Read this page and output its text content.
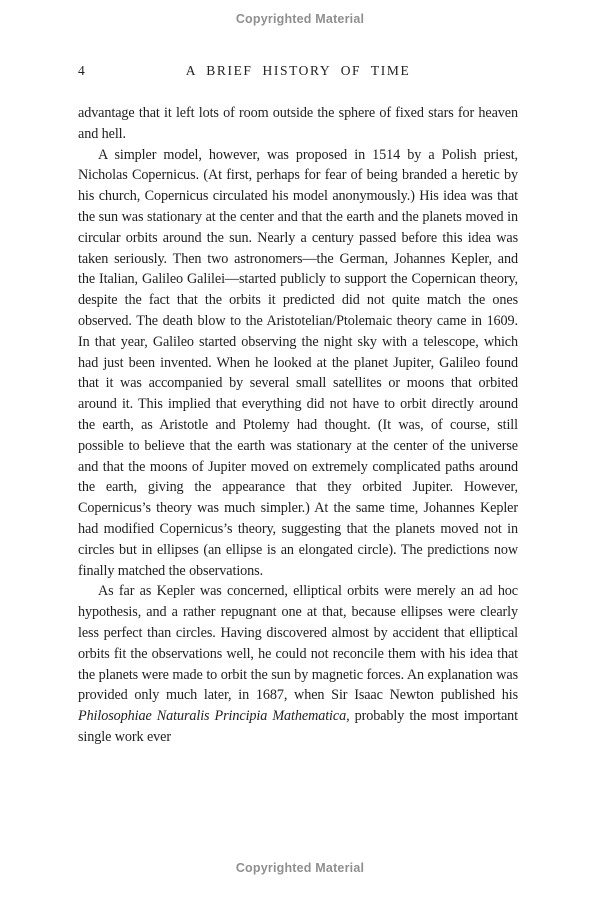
Copyrighted Material
4	A BRIEF HISTORY OF TIME

advantage that it left lots of room outside the sphere of fixed stars for heaven and hell.

A simpler model, however, was proposed in 1514 by a Polish priest, Nicholas Copernicus. (At first, perhaps for fear of being branded a heretic by his church, Copernicus circulated his model anonymously.) His idea was that the sun was stationary at the center and that the earth and the planets moved in circular orbits around the sun. Nearly a century passed before this idea was taken seriously. Then two astronomers—the German, Johannes Kepler, and the Italian, Galileo Galilei—started publicly to support the Copernican theory, despite the fact that the orbits it predicted did not quite match the ones observed. The death blow to the Aristotelian/Ptolemaic theory came in 1609. In that year, Galileo started observing the night sky with a telescope, which had just been invented. When he looked at the planet Jupiter, Galileo found that it was accompanied by several small satellites or moons that orbited around it. This implied that everything did not have to orbit directly around the earth, as Aristotle and Ptolemy had thought. (It was, of course, still possible to believe that the earth was stationary at the center of the universe and that the moons of Jupiter moved on extremely complicated paths around the earth, giving the appearance that they orbited Jupiter. However, Copernicus’s theory was much simpler.) At the same time, Johannes Kepler had modified Copernicus’s theory, suggesting that the planets moved not in circles but in ellipses (an ellipse is an elongated circle). The predictions now finally matched the observations.

As far as Kepler was concerned, elliptical orbits were merely an ad hoc hypothesis, and a rather repugnant one at that, because ellipses were clearly less perfect than circles. Having discovered almost by accident that elliptical orbits fit the observations well, he could not reconcile them with his idea that the planets were made to orbit the sun by magnetic forces. An explanation was provided only much later, in 1687, when Sir Isaac Newton published his Philosophiae Naturalis Principia Mathematica, probably the most important single work ever

Copyrighted Material
